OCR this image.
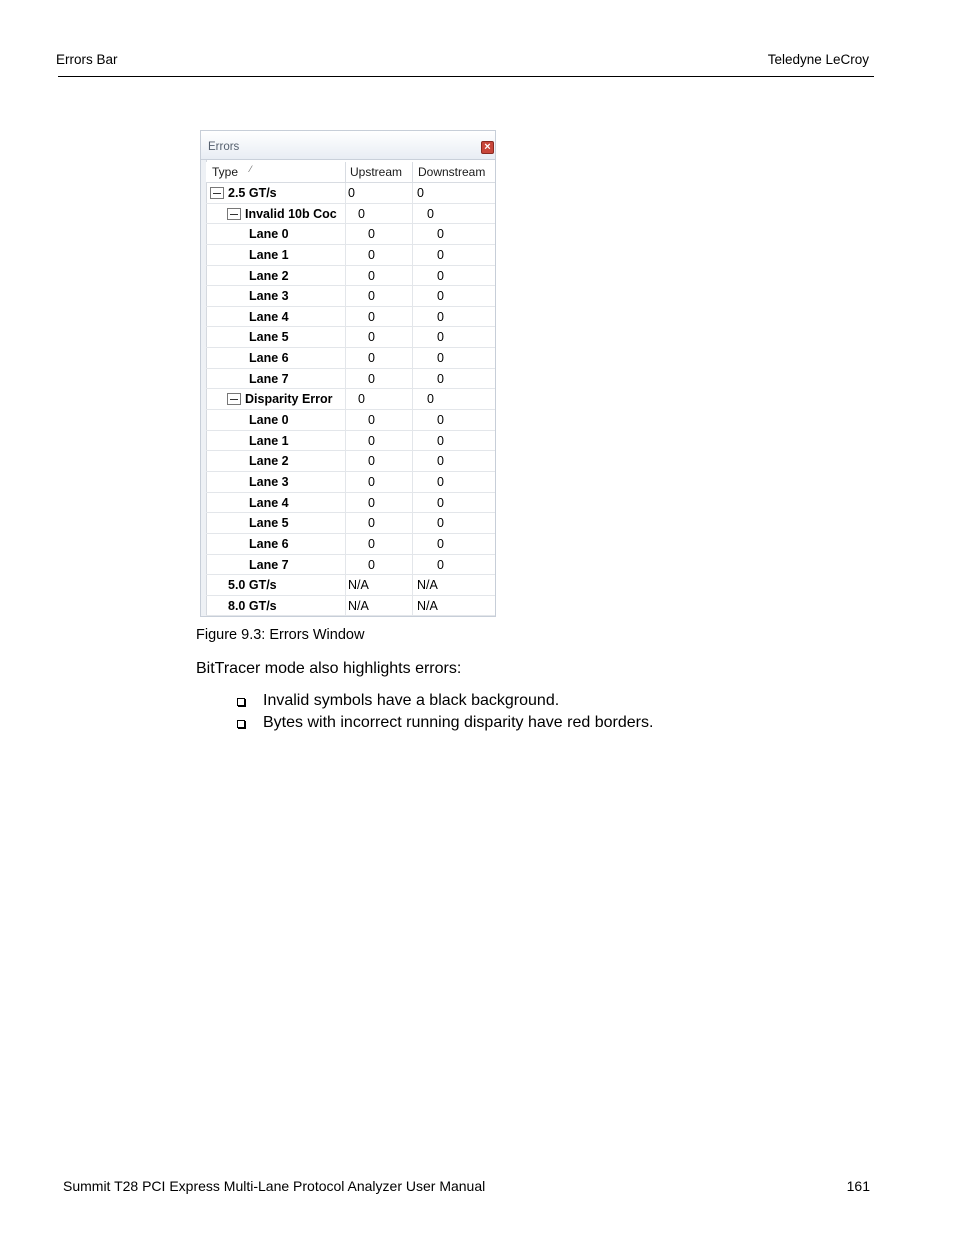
Errors Bar	Teledyne LeCroy
Errors	×
Type ⁄	Upstream Downstream
2.5 GT/s	0	0
Invalid 10b Coc	0	0
Lane 0	0	0
Lane 1	0	0
Lane 2	0	0
Lane 3	0	0
Lane 4	0	0
Lane 5	0	0
Lane 6	0	0
Lane 7	0	0
Disparity Error	0	0
Lane 0	0	0
Lane 1	0	0
Lane 2	0	0
Lane 3	0	0
Lane 4	0	0
Lane 5	0	0
Lane 6	0	0
Lane 7	0	0
5.0 GT/s	N/A	N/A
8.0 GT/s	N/A	N/A
Figure 9.3: Errors Window
BitTracer mode also highlights errors:
Invalid symbols have a black background.
Bytes with incorrect running disparity have red borders.
Summit T28 PCI Express Multi-Lane Protocol Analyzer User Manual	161
